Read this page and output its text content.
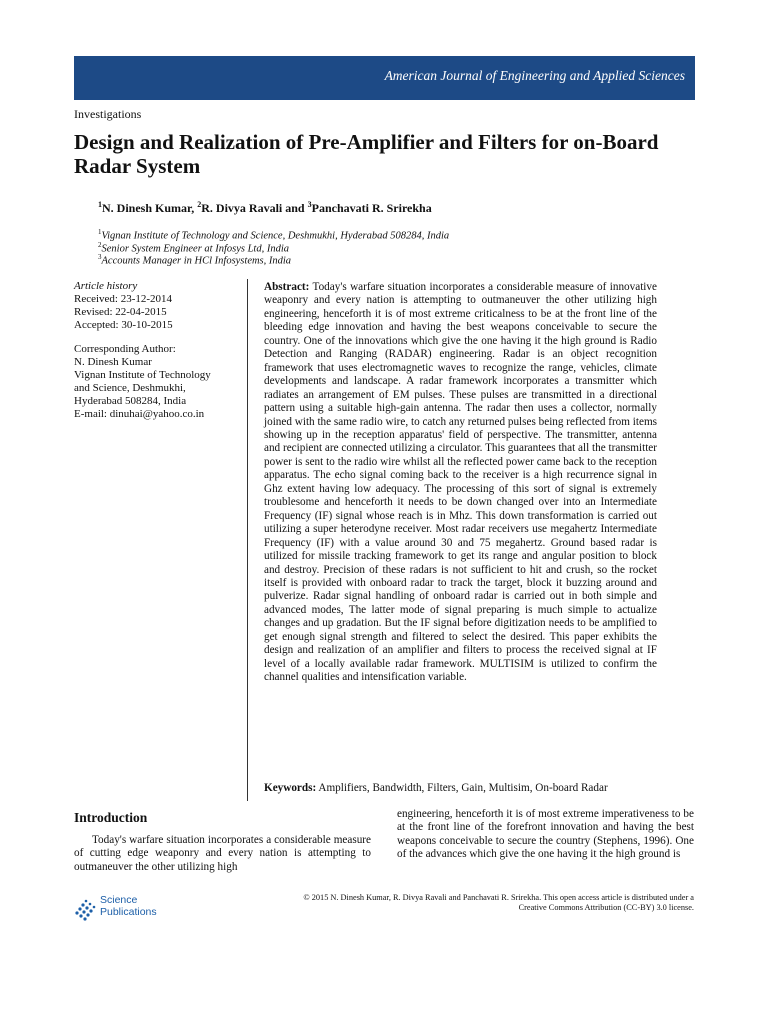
American Journal of Engineering and Applied Sciences
Investigations
Design and Realization of Pre-Amplifier and Filters for on-Board Radar System
$^1$N. Dinesh Kumar, $^2$R. Divya Ravali and $^3$Panchavati R. Srirekha
$^1$Vignan Institute of Technology and Science, Deshmukhi, Hyderabad 508284, India
$^2$Senior System Engineer at Infosys Ltd, India
$^3$Accounts Manager in HCl Infosystems, India
Article history
Received: 23-12-2014
Revised: 22-04-2015
Accepted: 30-10-2015
Corresponding Author:
N. Dinesh Kumar
Vignan Institute of Technology
and Science, Deshmukhi,
Hyderabad 508284, India
E-mail: dinuhai@yahoo.co.in
Abstract: Today's warfare situation incorporates a considerable measure of innovative weaponry and every nation is attempting to outmaneuver the other utilizing high engineering, henceforth it is of most extreme criticalness to be at the front line of the bleeding edge innovation and having the best weapons conceivable to secure the country. One of the innovations which give the one having it the high ground is Radio Detection and Ranging (RADAR) engineering. Radar is an object recognition framework that uses electromagnetic waves to recognize the range, vehicles, climate developments and landscape. A radar framework incorporates a transmitter which radiates an arrangement of EM pulses. These pulses are transmitted in a directional pattern using a suitable high-gain antenna. The radar then uses a collector, normally joined with the same radio wire, to catch any returned pulses being reflected from items showing up in the reception apparatus' field of perspective. The transmitter, antenna and recipient are connected utilizing a circulator. This guarantees that all the transmitter power is sent to the radio wire whilst all the reflected power came back to the reception apparatus. The echo signal coming back to the receiver is a high recurrence signal in Ghz extent having low adequacy. The processing of this sort of signal is extremely troublesome and henceforth it needs to be down changed over into an Intermediate Frequency (IF) signal whose reach is in Mhz. This down transformation is carried out utilizing a super heterodyne receiver. Most radar receivers use megahertz Intermediate Frequency (IF) with a value around 30 and 75 megahertz. Ground based radar is utilized for missile tracking framework to get its range and angular position to block and destroy. Precision of these radars is not sufficient to hit and crush, so the rocket itself is provided with onboard radar to track the target, block it buzzing around and pulverize. Radar signal handling of onboard radar is carried out in both simple and advanced modes, The latter mode of signal preparing is much simple to actualize changes and up gradation. But the IF signal before digitization needs to be amplified to get enough signal strength and filtered to select the desired. This paper exhibits the design and realization of an amplifier and filters to process the received signal at IF level of a locally available radar framework. MULTISIM is utilized to confirm the channel qualities and intensification variable.
Keywords: Amplifiers, Bandwidth, Filters, Gain, Multisim, On-board Radar
Introduction
Today's warfare situation incorporates a considerable measure of cutting edge weaponry and every nation is attempting to outmaneuver the other utilizing high
engineering, henceforth it is of most extreme imperativeness to be at the front line of the forefront innovation and having the best weapons conceivable to secure the country (Stephens, 1996). One of the advances which give the one having it the high ground is
Science
Publications
© 2015 N. Dinesh Kumar, R. Divya Ravali and Panchavati R. Srirekha. This open access article is distributed under a
Creative Commons Attribution (CC-BY) 3.0 license.
